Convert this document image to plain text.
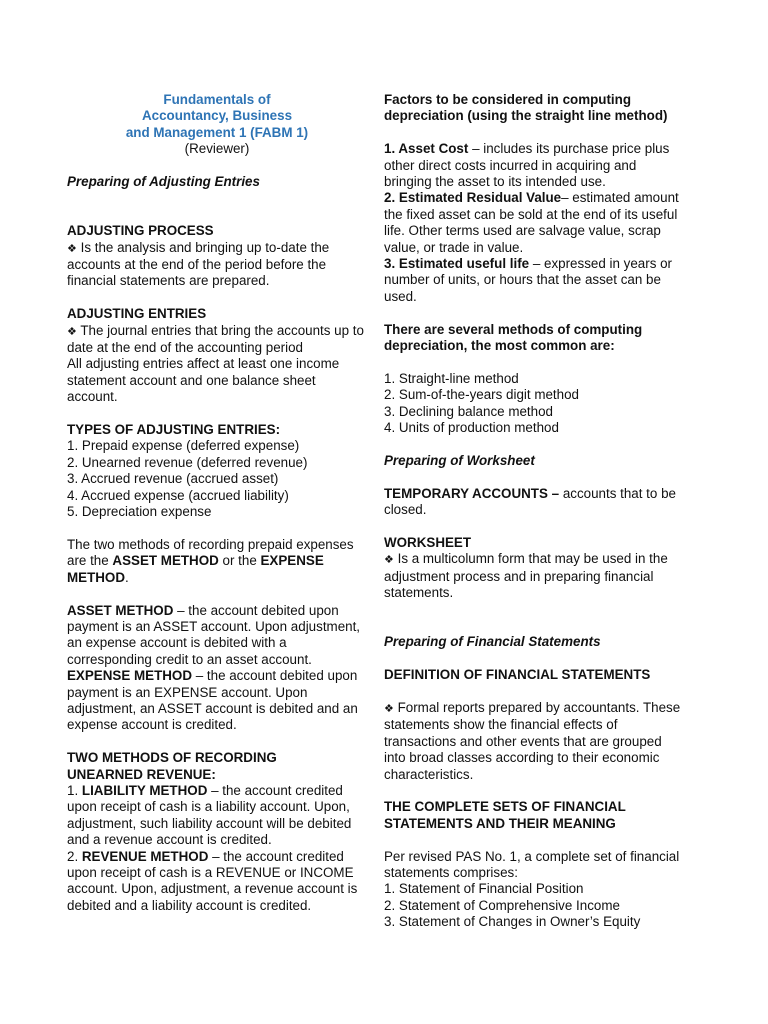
Fundamentals of

Accountancy, Business

and Management 1 (FABM 1)

(Reviewer)

Preparing of Adjusting Entries

ADJUSTING PROCESS

❖ Is the analysis and bringing up to-date the accounts at the end of the period before the financial statements are prepared.

ADJUSTING ENTRIES

❖ The journal entries that bring the accounts up to date at the end of the accounting period

All adjusting entries affect at least one income statement account and one balance sheet account.

TYPES OF ADJUSTING ENTRIES:

1. Prepaid expense (deferred expense)

2. Unearned revenue (deferred revenue)

3. Accrued revenue (accrued asset)

4. Accrued expense (accrued liability)

5. Depreciation expense

The two methods of recording prepaid expenses are the ASSET METHOD or the EXPENSE METHOD.

ASSET METHOD – the account debited upon payment is an ASSET account. Upon adjustment, an expense account is debited with a corresponding credit to an asset account.

EXPENSE METHOD – the account debited upon payment is an EXPENSE account. Upon adjustment, an ASSET account is debited and an expense account is credited.

TWO METHODS OF RECORDING

UNEARNED REVENUE:

1. LIABILITY METHOD – the account credited upon receipt of cash is a liability account. Upon, adjustment, such liability account will be debited and a revenue account is credited.

2. REVENUE METHOD – the account credited upon receipt of cash is a REVENUE or INCOME account. Upon, adjustment, a revenue account is debited and a liability account is credited.

Factors to be considered in computing

depreciation (using the straight line method)

1. Asset Cost – includes its purchase price plus other direct costs incurred in acquiring and bringing the asset to its intended use.

2. Estimated Residual Value– estimated amount the fixed asset can be sold at the end of its useful life. Other terms used are salvage value, scrap value, or trade in value.

3. Estimated useful life – expressed in years or number of units, or hours that the asset can be used.

There are several methods of computing

depreciation, the most common are:

1. Straight-line method

2. Sum-of-the-years digit method

3. Declining balance method

4. Units of production method

Preparing of Worksheet

TEMPORARY ACCOUNTS – accounts that to be closed.

WORKSHEET

❖ Is a multicolumn form that may be used in the adjustment process and in preparing financial statements.

Preparing of Financial Statements

DEFINITION OF FINANCIAL STATEMENTS

❖ Formal reports prepared by accountants. These statements show the financial effects of transactions and other events that are grouped into broad classes according to their economic characteristics.

THE COMPLETE SETS OF FINANCIAL

STATEMENTS AND THEIR MEANING

Per revised PAS No. 1, a complete set of financial statements comprises:

1. Statement of Financial Position

2. Statement of Comprehensive Income

3. Statement of Changes in Owner’s Equity
